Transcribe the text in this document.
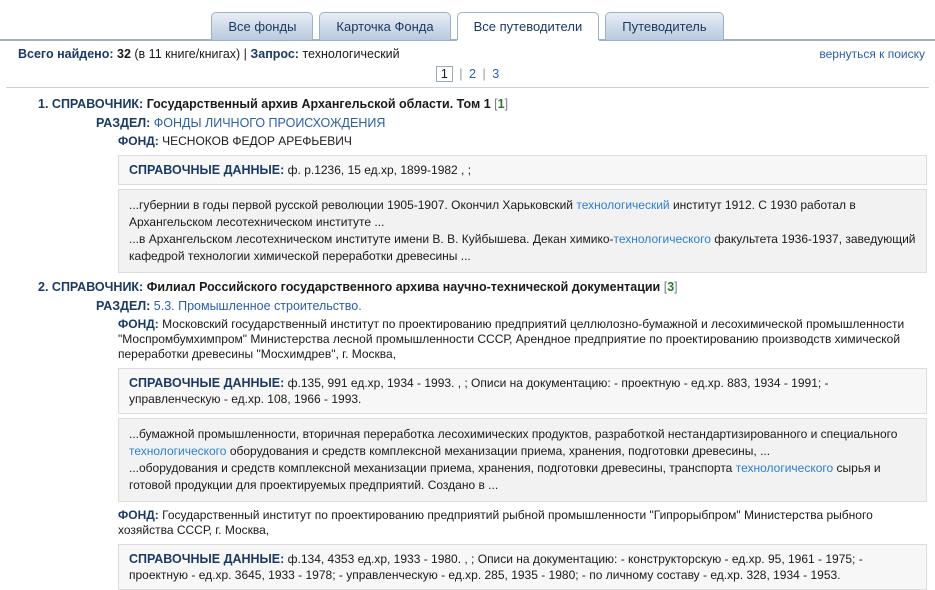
Все фонды	Карточка Фонда	Все путеводители	Путеводитель
Всего найдено: 32 (в 11 книге/книгах) | Запрос: технологический	вернуться к поиску
1 | 2 | 3
1. СПРАВОЧНИК: Государственный архив Архангельской области. Том 1 [1]
РАЗДЕЛ: ФОНДЫ ЛИЧНОГО ПРОИСХОЖДЕНИЯ
ФОНД: ЧЕСНОКОВ ФЕДОР АРЕФЬЕВИЧ
СПРАВОЧНЫЕ ДАННЫЕ: ф. р.1236, 15 ед.хр, 1899-1982 , ;

...губернии в годы первой русской революции 1905-1907. Окончил Харьковский технологический институт 1912. С 1930 работал в Архангельском лесотехническом институте ...

...в Архангельском лесотехническом институте имени В. В. Куйбышева. Декан химико-технологического факультета 1936-1937, заведующий кафедрой технологии химической переработки древесины ...

2. СПРАВОЧНИК: Филиал Российского государственного архива научно-технической документации [3]
РАЗДЕЛ: 5.3. Промышленное строительство.
ФОНД: Московский государственный институт по проектированию предприятий целлюлозно-бумажной и лесохимической промышленности "Моспромбумхимпром" Министерства лесной промышленности СССР, Арендное предприятие по проектированию производств химической переработки древесины "Мосхимдрев", г. Москва,
СПРАВОЧНЫЕ ДАННЫЕ: ф.135, 991 ед.хр, 1934 - 1993. , ; Описи на документацию: - проектную - ед.хр. 883, 1934 - 1991; - управленческую - ед.хр. 108, 1966 - 1993.

...бумажной промышленности, вторичная переработка лесохимических продуктов, разработкой нестандартизированного и специального технологического оборудования и средств комплексной механизации приема, хранения, подготовки древесины, ...

...оборудования и средств комплексной механизации приема, хранения, подготовки древесины, транспорта технологического сырья и готовой продукции для проектируемых предприятий. Создано в ...

ФОНД: Государственный институт по проектированию предприятий рыбной промышленности "Гипрорыбпром" Министерства рыбного хозяйства СССР, г. Москва,
СПРАВОЧНЫЕ ДАННЫЕ: ф.134, 4353 ед.хр, 1933 - 1980. , ; Описи на документацию: - конструкторскую - ед.хр. 95, 1961 - 1975; - проектную - ед.хр. 3645, 1933 - 1978; - управленческую - ед.хр. 285, 1935 - 1980; - по личному составу - ед.хр. 328, 1934 - 1953.
